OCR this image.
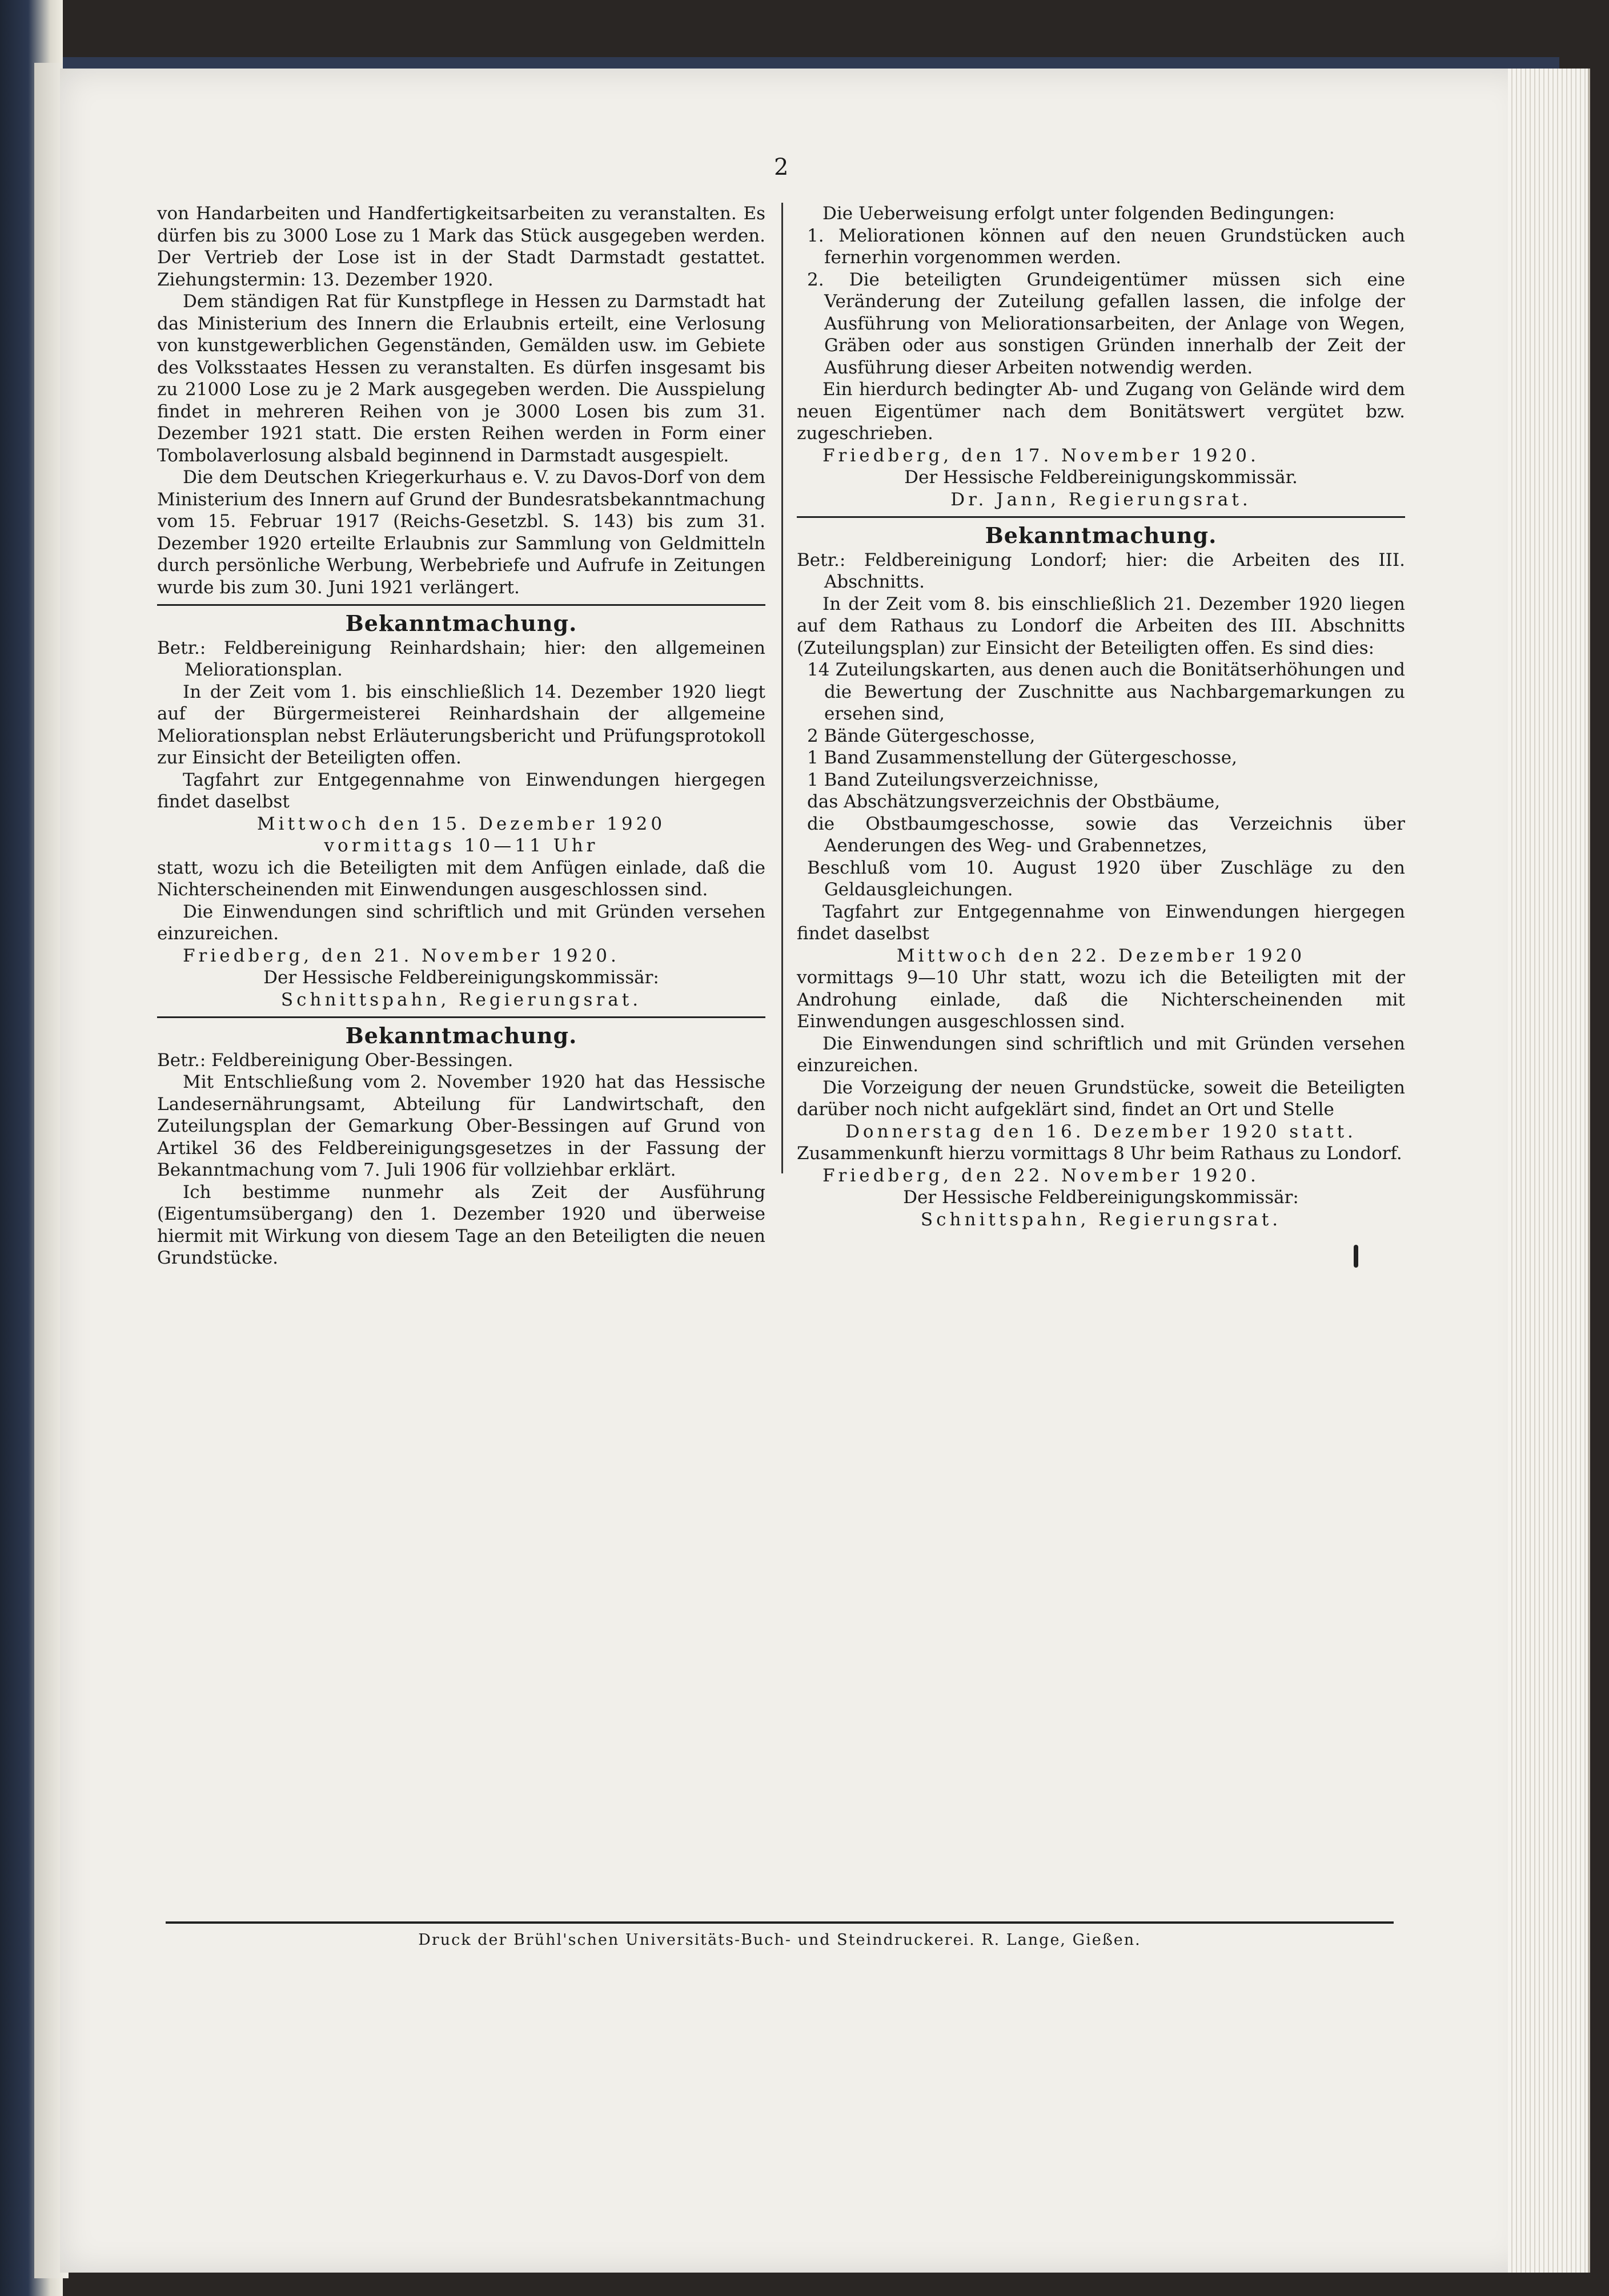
2

von Handarbeiten und Handfertigkeitsarbeiten zu veranstalten. Es dürfen bis zu 3000 Lose zu 1 Mark das Stück ausgegeben werden. Der Vertrieb der Lose ist in der Stadt Darmstadt gestattet. Ziehungstermin: 13. Dezember 1920.

Dem ständigen Rat für Kunstpflege in Hessen zu Darmstadt hat das Ministerium des Innern die Erlaubnis erteilt, eine Verlosung von kunstgewerblichen Gegenständen, Gemälden usw. im Gebiete des Volksstaates Hessen zu veranstalten. Es dürfen insgesamt bis zu 21000 Lose zu je 2 Mark ausgegeben werden. Die Ausspielung findet in mehreren Reihen von je 3000 Losen bis zum 31. Dezember 1921 statt. Die ersten Reihen werden in Form einer Tombolaverlosung alsbald beginnend in Darmstadt ausgespielt.

Die dem Deutschen Kriegerkurhaus e. V. zu Davos-Dorf von dem Ministerium des Innern auf Grund der Bundesratsbekanntmachung vom 15. Februar 1917 (Reichs-Gesetzbl. S. 143) bis zum 31. Dezember 1920 erteilte Erlaubnis zur Sammlung von Geldmitteln durch persönliche Werbung, Werbebriefe und Aufrufe in Zeitungen wurde bis zum 30. Juni 1921 verlängert.

Bekanntmachung.

Betr.: Feldbereinigung Reinhardshain; hier: den allgemeinen Meliorationsplan.

In der Zeit vom 1. bis einschließlich 14. Dezember 1920 liegt auf der Bürgermeisterei Reinhardshain der allgemeine Meliorationsplan nebst Erläuterungsbericht und Prüfungsprotokoll zur Einsicht der Beteiligten offen.

Tagfahrt zur Entgegennahme von Einwendungen hiergegen findet daselbst

Mittwoch den 15. Dezember 1920

vormittags 10—11 Uhr

statt, wozu ich die Beteiligten mit dem Anfügen einlade, daß die Nichterscheinenden mit Einwendungen ausgeschlossen sind.

Die Einwendungen sind schriftlich und mit Gründen versehen einzureichen.

Friedberg, den 21. November 1920.

Der Hessische Feldbereinigungskommissär:

Schnittspahn, Regierungsrat.

Bekanntmachung.

Betr.: Feldbereinigung Ober-Bessingen.

Mit Entschließung vom 2. November 1920 hat das Hessische Landesernährungsamt, Abteilung für Landwirtschaft, den Zuteilungsplan der Gemarkung Ober-Bessingen auf Grund von Artikel 36 des Feldbereinigungsgesetzes in der Fassung der Bekanntmachung vom 7. Juli 1906 für vollziehbar erklärt.

Ich bestimme nunmehr als Zeit der Ausführung (Eigentumsübergang) den 1. Dezember 1920 und überweise hiermit mit Wirkung von diesem Tage an den Beteiligten die neuen Grundstücke.

Die Ueberweisung erfolgt unter folgenden Bedingungen:

1. Meliorationen können auf den neuen Grundstücken auch fernerhin vorgenommen werden.

2. Die beteiligten Grundeigentümer müssen sich eine Veränderung der Zuteilung gefallen lassen, die infolge der Ausführung von Meliorationsarbeiten, der Anlage von Wegen, Gräben oder aus sonstigen Gründen innerhalb der Zeit der Ausführung dieser Arbeiten notwendig werden.

Ein hierdurch bedingter Ab- und Zugang von Gelände wird dem neuen Eigentümer nach dem Bonitätswert vergütet bzw. zugeschrieben.

Friedberg, den 17. November 1920.

Der Hessische Feldbereinigungskommissär.

Dr. Jann, Regierungsrat.

Bekanntmachung.

Betr.: Feldbereinigung Londorf; hier: die Arbeiten des III. Abschnitts.

In der Zeit vom 8. bis einschließlich 21. Dezember 1920 liegen auf dem Rathaus zu Londorf die Arbeiten des III. Abschnitts (Zuteilungsplan) zur Einsicht der Beteiligten offen. Es sind dies:

14 Zuteilungskarten, aus denen auch die Bonitätserhöhungen und die Bewertung der Zuschnitte aus Nachbargemarkungen zu ersehen sind,

2 Bände Gütergeschosse,

1 Band Zusammenstellung der Gütergeschosse,

1 Band Zuteilungsverzeichnisse,

das Abschätzungsverzeichnis der Obstbäume,

die Obstbaumgeschosse, sowie das Verzeichnis über Aenderungen des Weg- und Grabennetzes,

Beschluß vom 10. August 1920 über Zuschläge zu den Geldausgleichungen.

Tagfahrt zur Entgegennahme von Einwendungen hiergegen findet daselbst

Mittwoch den 22. Dezember 1920

vormittags 9—10 Uhr statt, wozu ich die Beteiligten mit der Androhung einlade, daß die Nichterscheinenden mit Einwendungen ausgeschlossen sind.

Die Einwendungen sind schriftlich und mit Gründen versehen einzureichen.

Die Vorzeigung der neuen Grundstücke, soweit die Beteiligten darüber noch nicht aufgeklärt sind, findet an Ort und Stelle

Donnerstag den 16. Dezember 1920 statt.

Zusammenkunft hierzu vormittags 8 Uhr beim Rathaus zu Londorf.

Friedberg, den 22. November 1920.

Der Hessische Feldbereinigungskommissär:

Schnittspahn, Regierungsrat.

Druck der Brühl'schen Universitäts-Buch- und Steindruckerei. R. Lange, Gießen.
